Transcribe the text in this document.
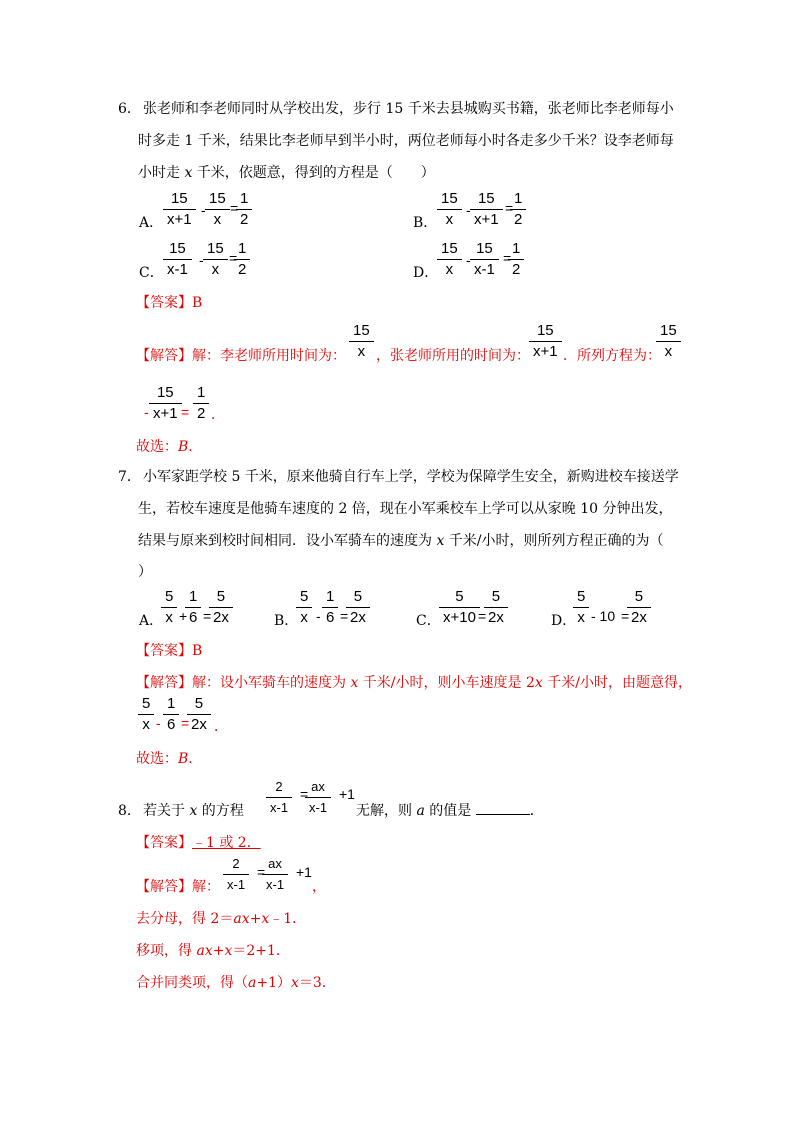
6． 张老师和李老师同时从学校出发，步行 15 千米去县城购买书籍，张老师比李老师每小
时多走 1 千米，结果比李老师早到半小时，两位老师每小时各走多少千米？设李老师每
小时走 x 千米，依题意，得到的方程是（　　）
A． $\frac{15}{x+1} - \frac{15}{x}$ =
$\frac{1}{2}$	B． $\frac{15}{x} - \frac{15}{x+1}$ =
$\frac{1}{2}$
C． $\frac{15}{x-1} - \frac{15}{x}$ =
$\frac{1}{2}$	D．
$\frac{15}{x} - \frac{15}{x-1}$ =
$\frac{1}{2}$
【答案】B
【解答】解：李老师所用时间为： $\frac{15}{x}$ ，张老师所用的时间为： $\frac{15}{x+1}$ ．所列方程为：
$\frac{15}{x}$
- $\frac{15}{x+1} = \frac{1}{2}$ ．
故选：B．
7． 小军家距学校 5 千米，原来他骑自行车上学，学校为保障学生安全，新购进校车接送学
生，若校车速度是他骑车速度的 2 倍，现在小军乘校车上学可以从家晚 10 分钟出发，
结果与原来到校时间相同．设小军骑车的速度为 x 千米/小时，则所列方程正确的为（
）
A．
$\frac{5}{x}$ +
$\frac{1}{6}$ =
$\frac{5}{2x}$	B．
$\frac{5}{x} - \frac{1}{6}$ =
$\frac{5}{2x}$	C．
$\frac{5}{x+10}$
=
$\frac{5}{2x}$	D．
$\frac{5}{x} - 10$ =
$\frac{5}{2x}$
【答案】B
【解答】解：设小军骑车的速度为 x 千米/小时，则小车速度是 2x 千米/小时，由题意得，
$\frac{5}{x} - \frac{1}{6}$ =
$\frac{5}{2x}$ ．
故选：B．
8． 若关于 x 的方程 $\frac{2}{x-1}$ =
$\frac{ax}{x-1} +1$
无解，则 a 的值是	．
【答案】﹣1 或 2．
【解答】解： $\frac{2}{x-1}$ =
$\frac{ax}{x-1} +1$
，
去分母，得 2＝ax+x﹣1．
移项，得 ax+x＝2+1．
合并同类项，得（a+1）x＝3．
